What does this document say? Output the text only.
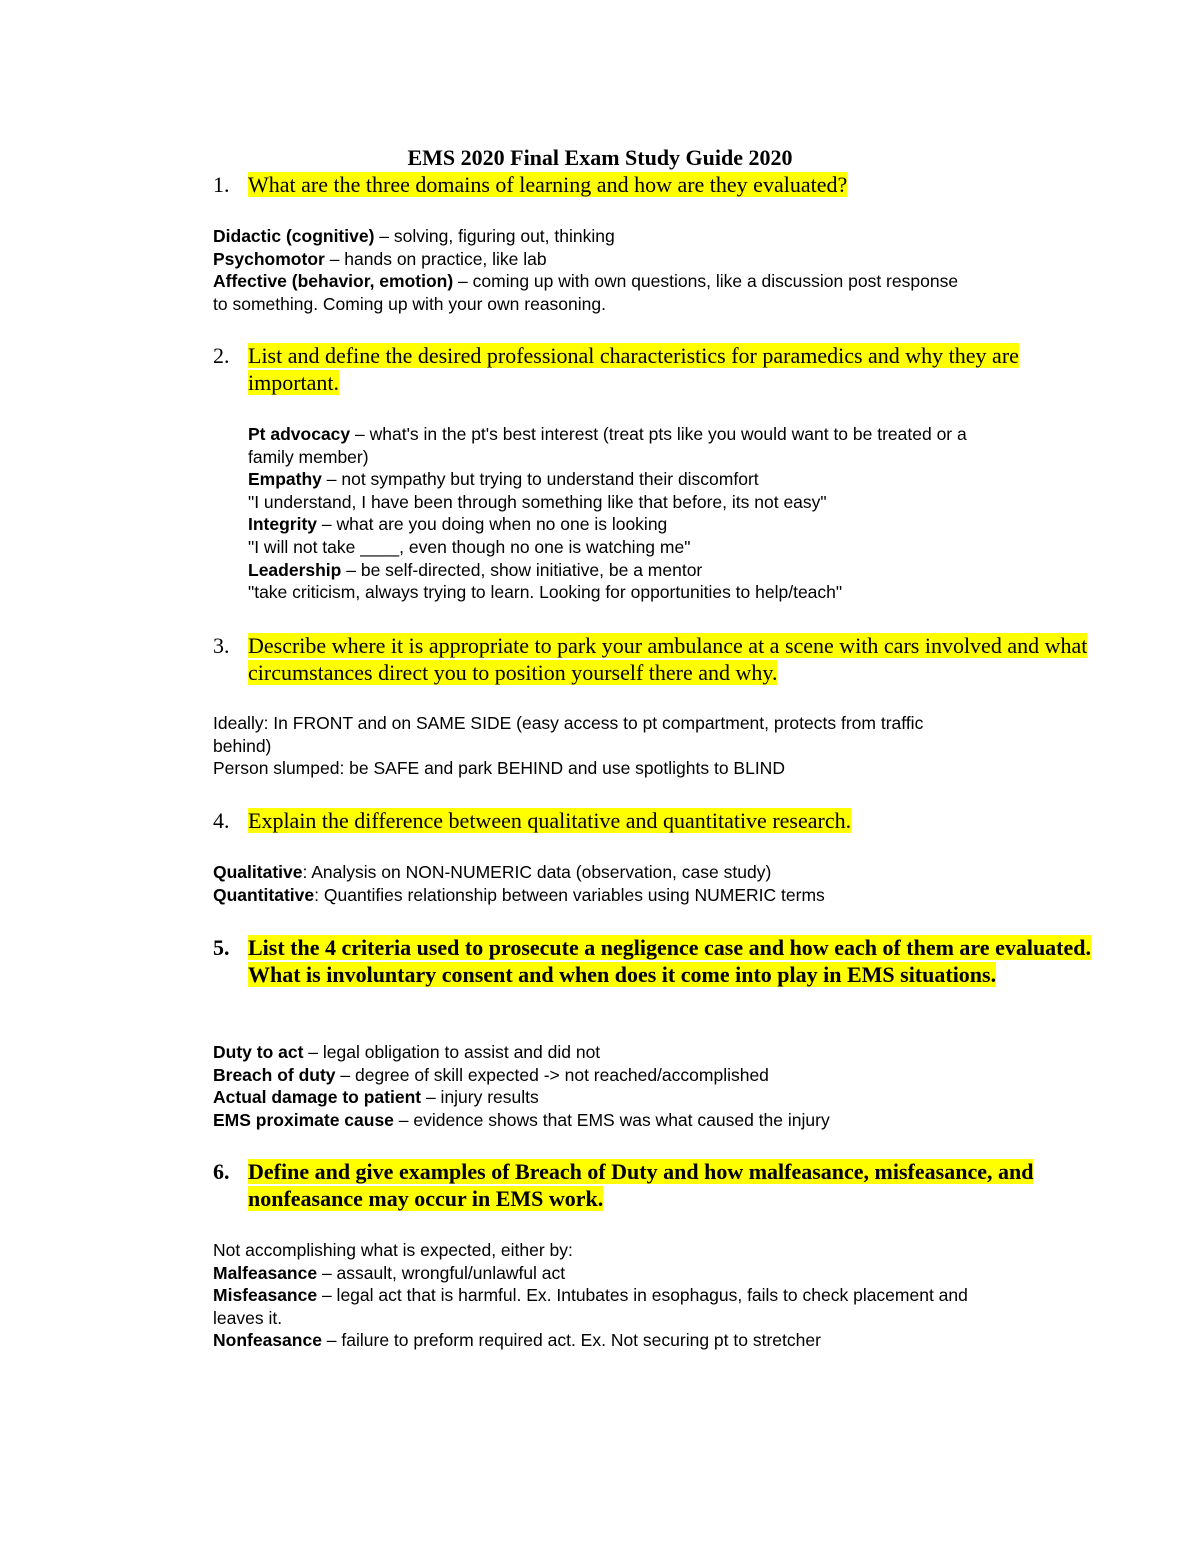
EMS 2020 Final Exam Study Guide 2020
1. What are the three domains of learning and how are they evaluated?
Didactic (cognitive) – solving, figuring out, thinking
Psychomotor – hands on practice, like lab
Affective (behavior, emotion) – coming up with own questions, like a discussion post response
to something. Coming up with your own reasoning.
2. List and define the desired professional characteristics for paramedics and why they are important.
Pt advocacy – what's in the pt's best interest (treat pts like you would want to be treated or a
family member)
Empathy – not sympathy but trying to understand their discomfort
"I understand, I have been through something like that before, its not easy"
Integrity – what are you doing when no one is looking
"I will not take ____, even though no one is watching me"
Leadership – be self-directed, show initiative, be a mentor
"take criticism, always trying to learn. Looking for opportunities to help/teach"
3. Describe where it is appropriate to park your ambulance at a scene with cars involved and what circumstances direct you to position yourself there and why.
Ideally: In FRONT and on SAME SIDE (easy access to pt compartment, protects from traffic
behind)
Person slumped: be SAFE and park BEHIND and use spotlights to BLIND
4. Explain the difference between qualitative and quantitative research.
Qualitative: Analysis on NON-NUMERIC data (observation, case study)
Quantitative: Quantifies relationship between variables using NUMERIC terms
5. List the 4 criteria used to prosecute a negligence case and how each of them are evaluated. What is involuntary consent and when does it come into play in EMS situations.
Duty to act – legal obligation to assist and did not
Breach of duty – degree of skill expected -> not reached/accomplished
Actual damage to patient – injury results
EMS proximate cause – evidence shows that EMS was what caused the injury
6. Define and give examples of Breach of Duty and how malfeasance, misfeasance, and nonfeasance may occur in EMS work.
Not accomplishing what is expected, either by:
Malfeasance – assault, wrongful/unlawful act
Misfeasance – legal act that is harmful. Ex. Intubates in esophagus, fails to check placement and
leaves it.
Nonfeasance – failure to preform required act. Ex. Not securing pt to stretcher
